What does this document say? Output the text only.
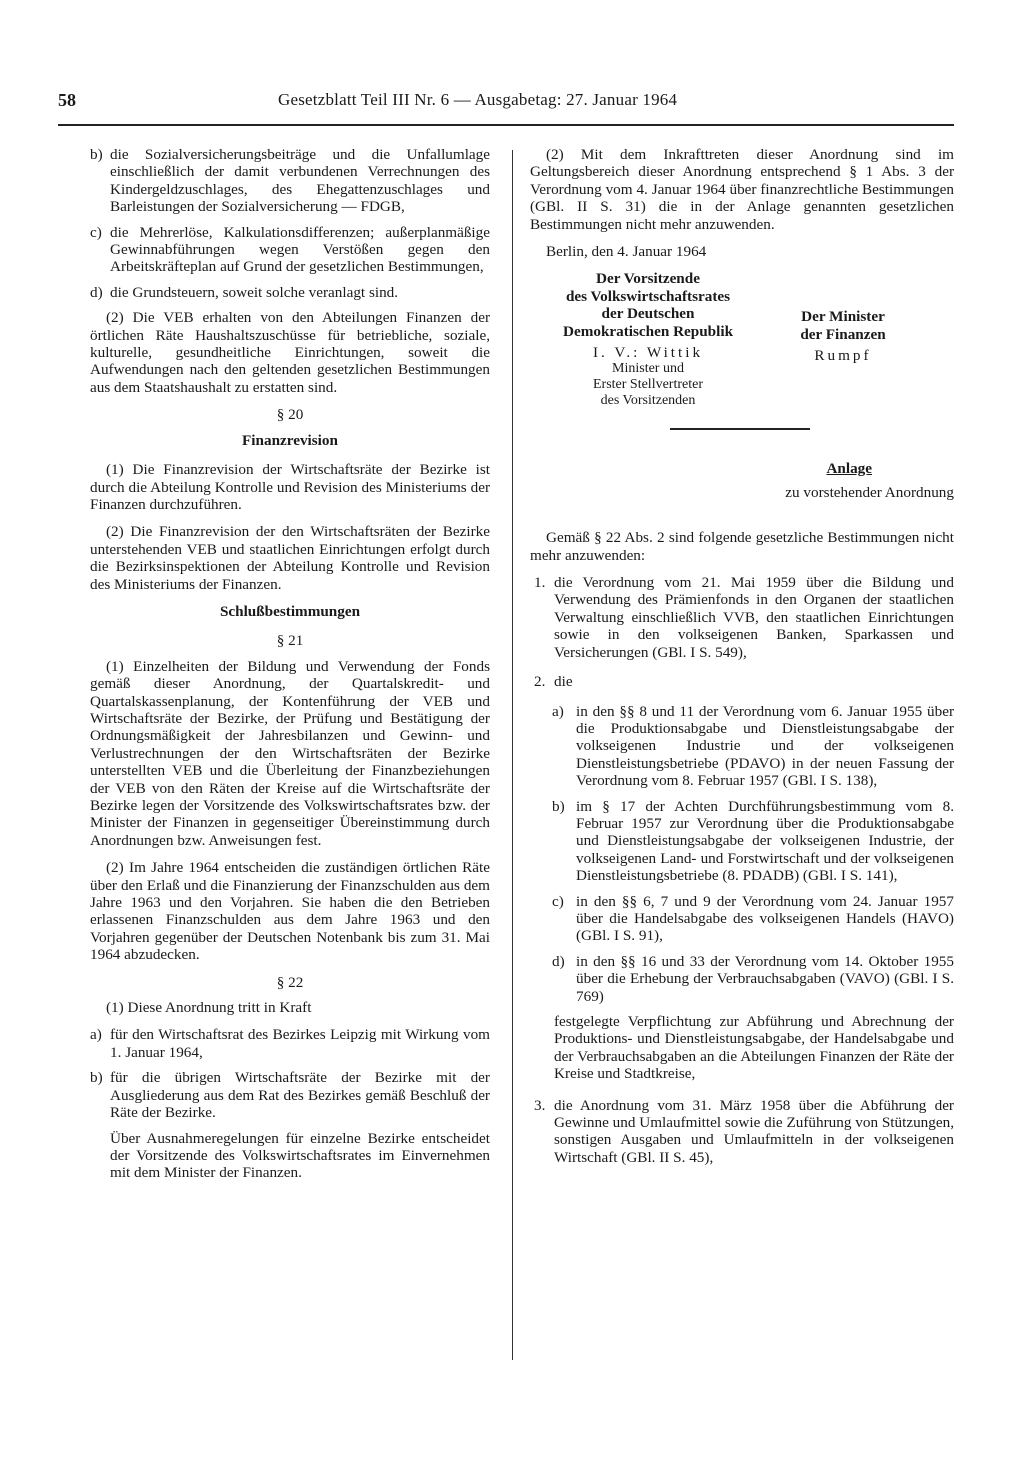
58	Gesetzblatt Teil III Nr. 6 — Ausgabetag: 27. Januar 1964
b) die Sozialversicherungsbeiträge und die Unfallumlage einschließlich der damit verbundenen Verrechnungen des Kindergeldzuschlages, des Ehegattenzuschlages und Barleistungen der Sozialversicherung — FDGB,
c) die Mehrerlöse, Kalkulationsdifferenzen; außerplanmäßige Gewinnabführungen wegen Verstößen gegen den Arbeitskräfteplan auf Grund der gesetzlichen Bestimmungen,
d) die Grundsteuern, soweit solche veranlagt sind.

(2) Die VEB erhalten von den Abteilungen Finanzen der örtlichen Räte Haushaltszuschüsse für betriebliche, soziale, kulturelle, gesundheitliche Einrichtungen, soweit die Aufwendungen nach den geltenden gesetzlichen Bestimmungen aus dem Staatshaushalt zu erstatten sind.

§ 20
Finanzrevision

(1) Die Finanzrevision der Wirtschaftsräte der Bezirke ist durch die Abteilung Kontrolle und Revision des Ministeriums der Finanzen durchzuführen.

(2) Die Finanzrevision der den Wirtschaftsräten der Bezirke unterstehenden VEB und staatlichen Einrichtungen erfolgt durch die Bezirksinspektionen der Abteilung Kontrolle und Revision des Ministeriums der Finanzen.

Schlußbestimmungen
§ 21

(1) Einzelheiten der Bildung und Verwendung der Fonds gemäß dieser Anordnung, der Quartalskredit- und Quartalskassenplanung, der Kontenführung der VEB und Wirtschaftsräte der Bezirke, der Prüfung und Bestätigung der Ordnungsmäßigkeit der Jahresbilanzen und Gewinn- und Verlustrechnungen der den Wirtschaftsräten der Bezirke unterstellten VEB und die Überleitung der Finanzbeziehungen der VEB von den Räten der Kreise auf die Wirtschaftsräte der Bezirke legen der Vorsitzende des Volkswirtschaftsrates bzw. der Minister der Finanzen in gegenseitiger Übereinstimmung durch Anordnungen bzw. Anweisungen fest.

(2) Im Jahre 1964 entscheiden die zuständigen örtlichen Räte über den Erlaß und die Finanzierung der Finanzschulden aus dem Jahre 1963 und den Vorjahren. Sie haben die den Betrieben erlassenen Finanzschulden aus dem Jahre 1963 und den Vorjahren gegenüber der Deutschen Notenbank bis zum 31. Mai 1964 abzudecken.

§ 22

(1) Diese Anordnung tritt in Kraft

a) für den Wirtschaftsrat des Bezirkes Leipzig mit Wirkung vom 1. Januar 1964,
b) für die übrigen Wirtschaftsräte der Bezirke mit der Ausgliederung aus dem Rat des Bezirkes gemäß Beschluß der Räte der Bezirke.

Über Ausnahmeregelungen für einzelne Bezirke entscheidet der Vorsitzende des Volkswirtschaftsrates im Einvernehmen mit dem Minister der Finanzen.

(2) Mit dem Inkrafttreten dieser Anordnung sind im Geltungsbereich dieser Anordnung entsprechend § 1 Abs. 3 der Verordnung vom 4. Januar 1964 über finanzrechtliche Bestimmungen (GBl. II S. 31) die in der Anlage genannten gesetzlichen Bestimmungen nicht mehr anzuwenden.

Berlin, den 4. Januar 1964

Der Vorsitzende
des Volkswirtschaftsrates
der Deutschen
Demokratischen Republik
I. V.: Wittik
Minister und
Erster Stellvertreter
des Vorsitzenden
Der Minister
der Finanzen
Rumpf
Anlage
zu vorstehender Anordnung

Gemäß § 22 Abs. 2 sind folgende gesetzliche Bestimmungen nicht mehr anzuwenden:

1. die Verordnung vom 21. Mai 1959 über die Bildung und Verwendung des Prämienfonds in den Organen der staatlichen Verwaltung einschließlich VVB, den staatlichen Einrichtungen sowie in den volkseigenen Banken, Sparkassen und Versicherungen (GBl. I S. 549),
2. die
a) in den §§ 8 und 11 der Verordnung vom 6. Januar 1955 über die Produktionsabgabe und Dienstleistungsabgabe der volkseigenen Industrie und der volkseigenen Dienstleistungsbetriebe (PDAVO) in der neuen Fassung der Verordnung vom 8. Februar 1957 (GBl. I S. 138),
b) im § 17 der Achten Durchführungsbestimmung vom 8. Februar 1957 zur Verordnung über die Produktionsabgabe und Dienstleistungsabgabe der volkseigenen Industrie, der volkseigenen Land- und Forstwirtschaft und der volkseigenen Dienstleistungsbetriebe (8. PDADB) (GBl. I S. 141),
c) in den §§ 6, 7 und 9 der Verordnung vom 24. Januar 1957 über die Handelsabgabe des volkseigenen Handels (HAVO) (GBl. I S. 91),
d) in den §§ 16 und 33 der Verordnung vom 14. Oktober 1955 über die Erhebung der Verbrauchsabgaben (VAVO) (GBl. I S. 769)

festgelegte Verpflichtung zur Abführung und Abrechnung der Produktions- und Dienstleistungsabgabe, der Handelsabgabe und der Verbrauchsabgaben an die Abteilungen Finanzen der Räte der Kreise und Stadtkreise,

3. die Anordnung vom 31. März 1958 über die Abführung der Gewinne und Umlaufmittel sowie die Zuführung von Stützungen, sonstigen Ausgaben und Umlaufmitteln in der volkseigenen Wirtschaft (GBl. II S. 45),
